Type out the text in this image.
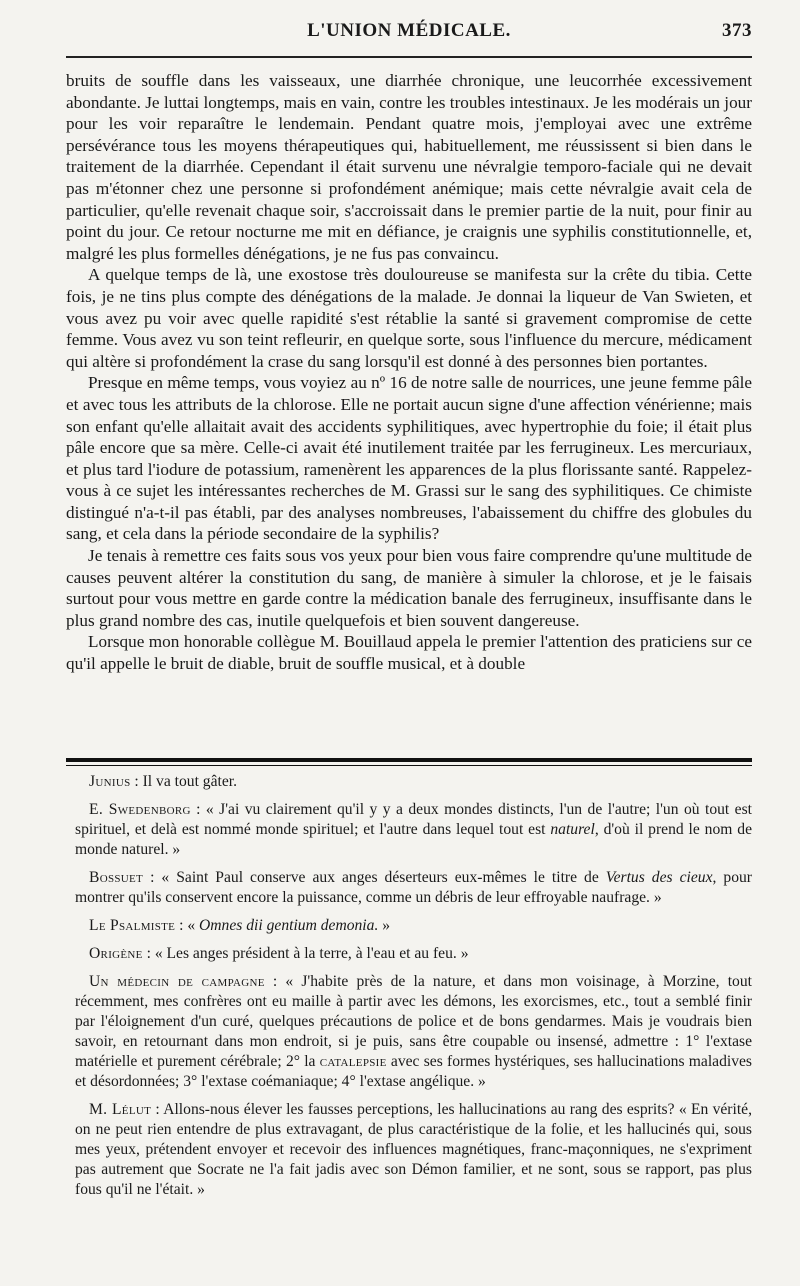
L'UNION MÉDICALE.	373

bruits de souffle dans les vaisseaux, une diarrhée chronique, une leucorrhée excessivement abondante. Je luttai longtemps, mais en vain, contre les troubles intestinaux. Je les modérais un jour pour les voir reparaître le lendemain. Pendant quatre mois, j'employai avec une extrême persévérance tous les moyens thérapeutiques qui, habituellement, me réussissent si bien dans le traitement de la diarrhée. Cependant il était survenu une névralgie temporo-faciale qui ne devait pas m'étonner chez une personne si profondément anémique; mais cette névralgie avait cela de particulier, qu'elle revenait chaque soir, s'accroissait dans le premier partie de la nuit, pour finir au point du jour. Ce retour nocturne me mit en défiance, je craignis une syphilis constitutionnelle, et, malgré les plus formelles dénégations, je ne fus pas convaincu.

A quelque temps de là, une exostose très douloureuse se manifesta sur la crête du tibia. Cette fois, je ne tins plus compte des dénégations de la malade. Je donnai la liqueur de Van Swieten, et vous avez pu voir avec quelle rapidité s'est rétablie la santé si gravement compromise de cette femme. Vous avez vu son teint refleurir, en quelque sorte, sous l'influence du mercure, médicament qui altère si profondément la crase du sang lorsqu'il est donné à des personnes bien portantes.

Presque en même temps, vous voyiez au nº 16 de notre salle de nourrices, une jeune femme pâle et avec tous les attributs de la chlorose. Elle ne portait aucun signe d'une affection vénérienne; mais son enfant qu'elle allaitait avait des accidents syphilitiques, avec hypertrophie du foie; il était plus pâle encore que sa mère. Celle-ci avait été inutilement traitée par les ferrugineux. Les mercuriaux, et plus tard l'iodure de potassium, ramenèrent les apparences de la plus florissante santé. Rappelez-vous à ce sujet les intéressantes recherches de M. Grassi sur le sang des syphilitiques. Ce chimiste distingué n'a-t-il pas établi, par des analyses nombreuses, l'abaissement du chiffre des globules du sang, et cela dans la période secondaire de la syphilis?

Je tenais à remettre ces faits sous vos yeux pour bien vous faire comprendre qu'une multitude de causes peuvent altérer la constitution du sang, de manière à simuler la chlorose, et je le faisais surtout pour vous mettre en garde contre la médication banale des ferrugineux, insuffisante dans le plus grand nombre des cas, inutile quelquefois et bien souvent dangereuse.

Lorsque mon honorable collègue M. Bouillaud appela le premier l'attention des praticiens sur ce qu'il appelle le bruit de diable, bruit de souffle musical, et à double

Junius : Il va tout gâter.

E. Swedenborg : « J'ai vu clairement qu'il y y a deux mondes distincts, l'un de l'autre; l'un où tout est spirituel, et delà est nommé monde spirituel; et l'autre dans lequel tout est naturel, d'où il prend le nom de monde naturel. »

Bossuet : « Saint Paul conserve aux anges déserteurs eux-mêmes le titre de Vertus des cieux, pour montrer qu'ils conservent encore la puissance, comme un débris de leur effroyable naufrage. »

Le Psalmiste : « Omnes dii gentium demonia. »

Origène : « Les anges président à la terre, à l'eau et au feu. »

Un médecin de campagne : « J'habite près de la nature, et dans mon voisinage, à Morzine, tout récemment, mes confrères ont eu maille à partir avec les démons, les exorcismes, etc., tout a semblé finir par l'éloignement d'un curé, quelques précautions de police et de bons gendarmes. Mais je voudrais bien savoir, en retournant dans mon endroit, si je puis, sans être coupable ou insensé, admettre : 1° l'extase matérielle et purement cérébrale; 2° la catalepsie avec ses formes hystériques, ses hallucinations maladives et désordonnées; 3° l'extase coémaniaque; 4° l'extase angélique. »

M. Lélut : Allons-nous élever les fausses perceptions, les hallucinations au rang des esprits? « En vérité, on ne peut rien entendre de plus extravagant, de plus caractéristique de la folie, et les hallucinés qui, sous mes yeux, prétendent envoyer et recevoir des influences magnétiques, franc-maçonniques, ne s'expriment pas autrement que Socrate ne l'a fait jadis avec son Démon familier, et ne sont, sous se rapport, pas plus fous qu'il ne l'était. »
